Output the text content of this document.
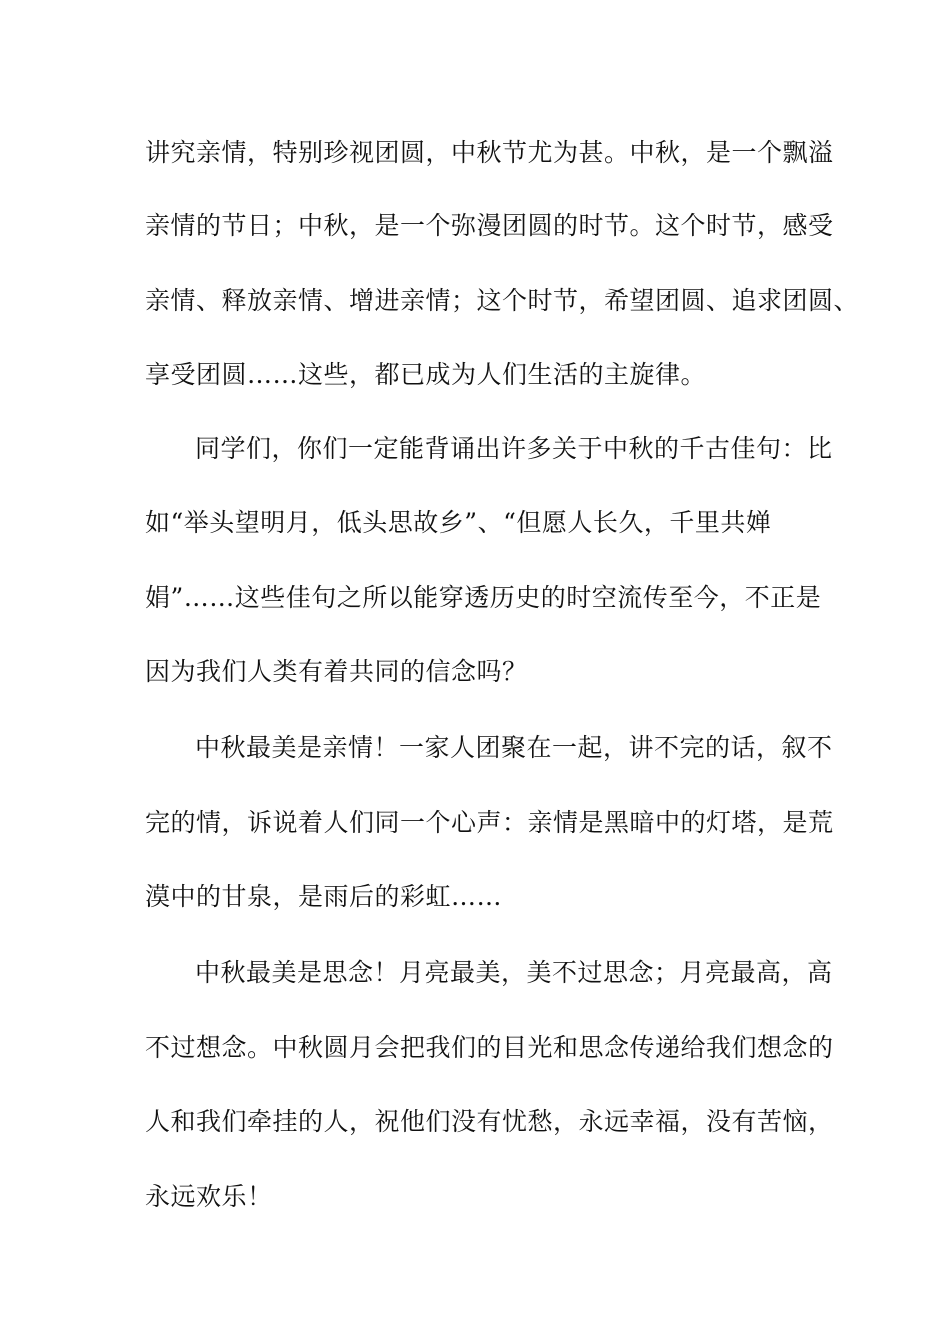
讲究亲情，特别珍视团圆，中秋节尤为甚。中秋，是一个飘溢
亲情的节日；中秋，是一个弥漫团圆的时节。这个时节，感受
亲情、释放亲情、增进亲情；这个时节，希望团圆、追求团圆、
享受团圆……这些，都已成为人们生活的主旋律。
同学们，你们一定能背诵出许多关于中秋的千古佳句：比
如“举头望明月，低头思故乡”、“但愿人长久，千里共婵
娟”……这些佳句之所以能穿透历史的时空流传至今，不正是
因为我们人类有着共同的信念吗？
中秋最美是亲情！一家人团聚在一起，讲不完的话，叙不
完的情，诉说着人们同一个心声：亲情是黑暗中的灯塔，是荒
漠中的甘泉，是雨后的彩虹……
中秋最美是思念！月亮最美，美不过思念；月亮最高，高
不过想念。中秋圆月会把我们的目光和思念传递给我们想念的
人和我们牵挂的人，祝他们没有忧愁，永远幸福，没有苦恼，
永远欢乐！
